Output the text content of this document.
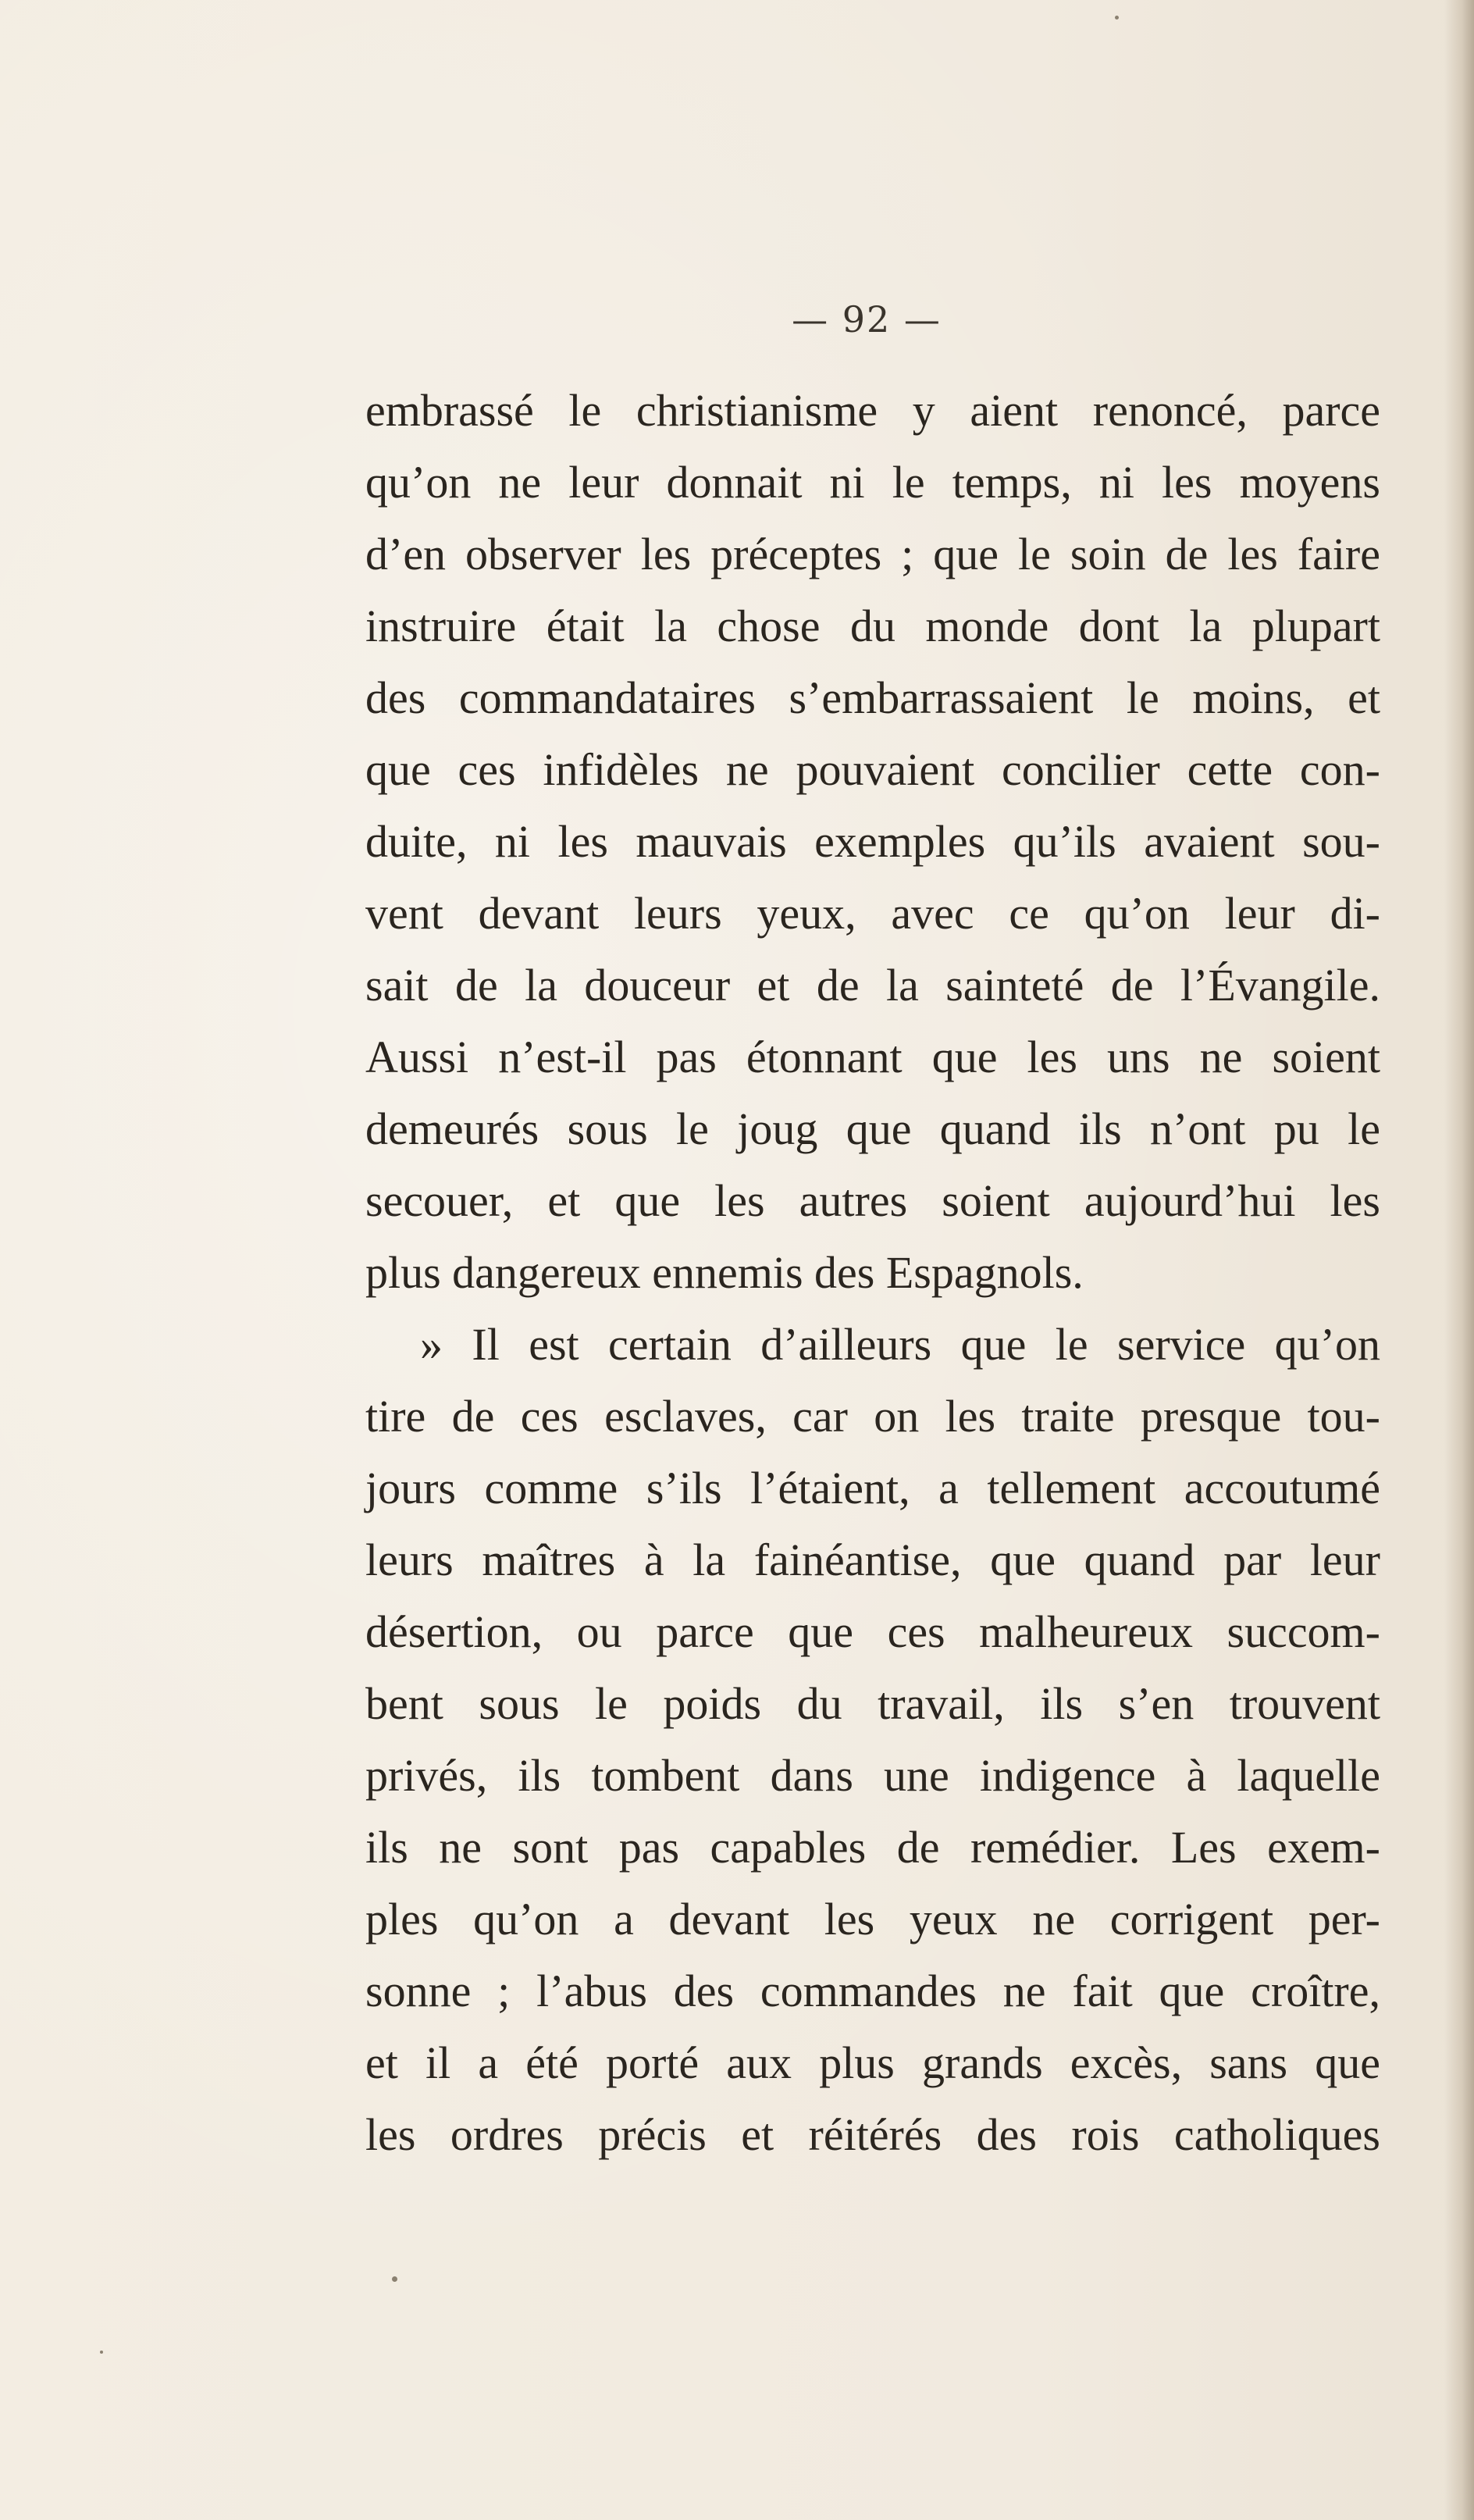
— 92 —
embrassé le christianisme y aient renoncé, parce
qu’on ne leur donnait ni le temps, ni les moyens
d’en observer les préceptes ; que le soin de les faire
instruire était la chose du monde dont la plupart
des commandataires s’embarrassaient le moins, et
que ces infidèles ne pouvaient concilier cette con-
duite, ni les mauvais exemples qu’ils avaient sou-
vent devant leurs yeux, avec ce qu’on leur di-
sait de la douceur et de la sainteté de l’Évangile.
Aussi n’est-il pas étonnant que les uns ne soient
demeurés sous le joug que quand ils n’ont pu le
secouer, et que les autres soient aujourd’hui les
plus dangereux ennemis des Espagnols.
» Il est certain d’ailleurs que le service qu’on
tire de ces esclaves, car on les traite presque tou-
jours comme s’ils l’étaient, a tellement accoutumé
leurs maîtres à la fainéantise, que quand par leur
désertion, ou parce que ces malheureux succom-
bent sous le poids du travail, ils s’en trouvent
privés, ils tombent dans une indigence à laquelle
ils ne sont pas capables de remédier. Les exem-
ples qu’on a devant les yeux ne corrigent per-
sonne ; l’abus des commandes ne fait que croître,
et il a été porté aux plus grands excès, sans que
les ordres précis et réitérés des rois catholiques
